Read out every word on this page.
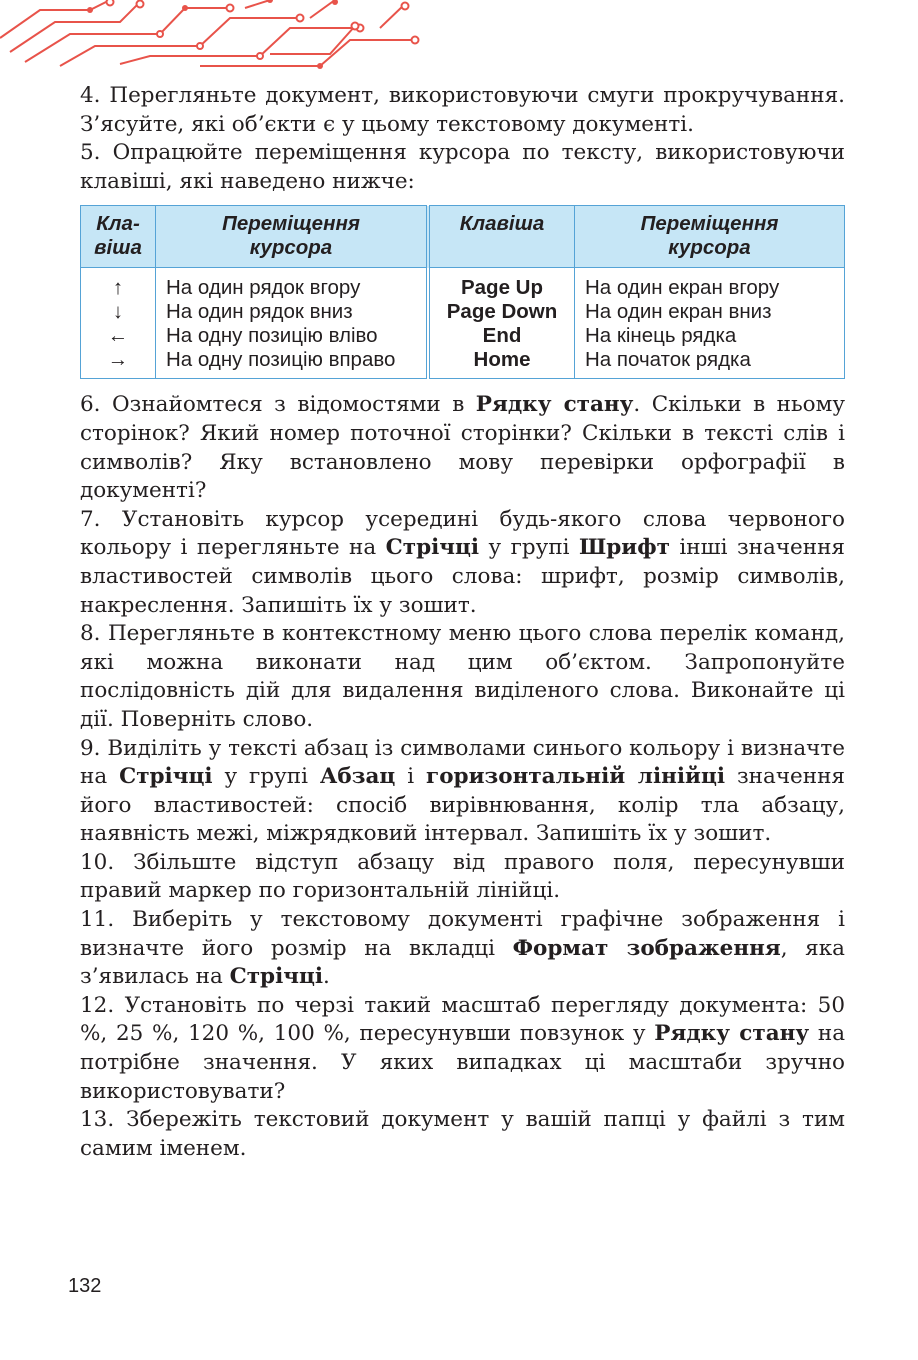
4. Перегляньте документ, використовуючи смуги прокручування. З’ясуйте, які об’єкти є у цьому текстовому документі.

5. Опрацюйте переміщення курсора по тексту, використовуючи клавіші, які наведено нижче:

Кла-
віша	Переміщення
курсора	Клавіша	Переміщення
курсора

↑
↓
←
→	На один рядок вгору
На один рядок вниз
На одну позицію вліво
На одну позицію вправо	Page Up
Page Down
End
Home	На один екран вгору
На один екран вниз
На кінець рядка
На початок рядка

6. Ознайомтеся з відомостями в Рядку стану. Скільки в ньому сторінок? Який номер поточної сторінки? Скільки в тексті слів і символів? Яку встановлено мову перевірки орфографії в документі?

7. Установіть курсор усередині будь-якого слова червоного кольору і перегляньте на Стрічці у групі Шрифт інші значення властивостей символів цього слова: шрифт, розмір символів, накреслення. Запишіть їх у зошит.

8. Перегляньте в контекстному меню цього слова перелік команд, які можна виконати над цим об’єктом. Запропонуйте послідовність дій для видалення виділеного слова. Виконайте ці дії. Поверніть слово.

9. Виділіть у тексті абзац із символами синього кольору і визначте на Стрічці у групі Абзац і горизонтальній лінійці значення його властивостей: спосіб вирівнювання, колір тла абзацу, наявність межі, міжрядковий інтервал. Запишіть їх у зошит.

10. Збільште відступ абзацу від правого поля, пересунувши правий маркер по горизонтальній лінійці.

11. Виберіть у текстовому документі графічне зображення і визначте його розмір на вкладці Формат зображення, яка з’явилась на Стрічці.

12. Установіть по черзі такий масштаб перегляду документа: 50 %, 25 %, 120 %, 100 %, пересунувши повзунок у Рядку стану на потрібне значення. У яких випадках ці масштаби зручно використовувати?

13. Збережіть текстовий документ у вашій папці у файлі з тим самим іменем.

132
